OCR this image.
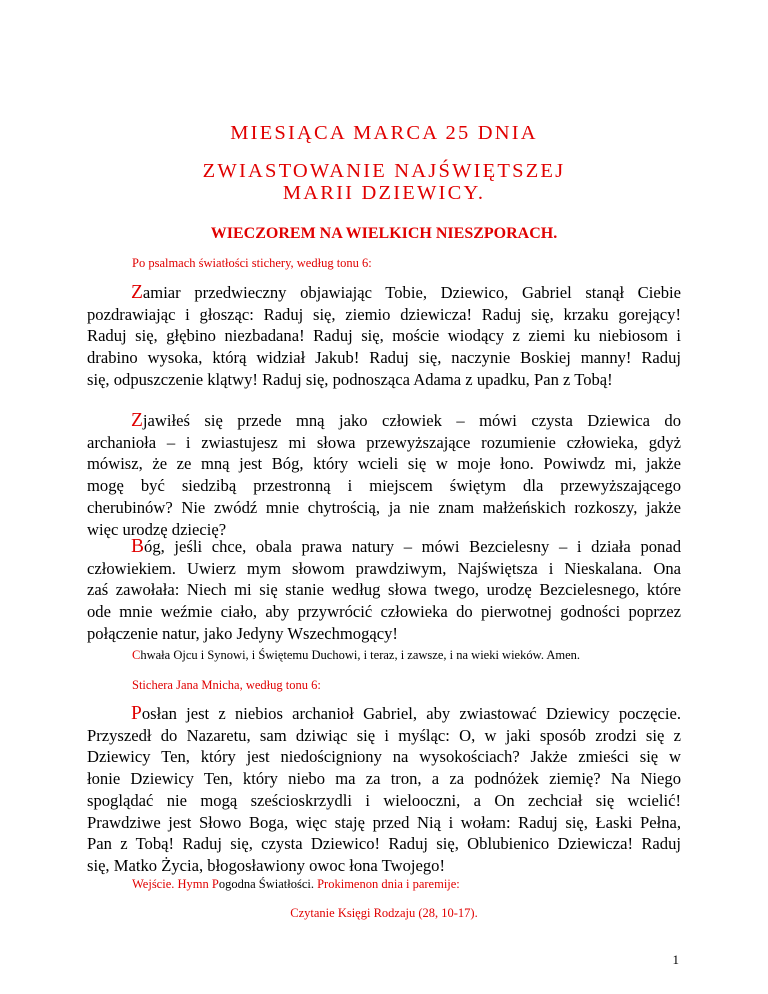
MIESIĄCA MARCA 25 DNIA
ZWIASTOWANIE NAJŚWIĘTSZEJ
MARII DZIEWICY.
WIECZOREM NA WIELKICH NIESZPORACH.
Po psalmach światłości stichery, według tonu 6:
Zamiar przedwieczny objawiając Tobie, Dziewico, Gabriel stanął Ciebie
pozdrawiając i głosząc: Raduj się, ziemio dziewicza! Raduj się, krzaku gorejący!
Raduj się, głębino niezbadana! Raduj się, moście wiodący z ziemi ku niebiosom i
drabino wysoka, którą widział Jakub! Raduj się, naczynie Boskiej manny! Raduj
się, odpuszczenie klątwy! Raduj się, podnosząca Adama z upadku, Pan z Tobą!
Zjawiłeś się przede mną jako człowiek – mówi czysta Dziewica do
archanioła – i zwiastujesz mi słowa przewyższające rozumienie człowieka, gdyż
mówisz, że ze mną jest Bóg, który wcieli się w moje łono. Powiwdz mi, jakże
mogę być siedzibą przestronną i miejscem świętym dla przewyższającego
cherubinów? Nie zwódź mnie chytrością, ja nie znam małżeńskich rozkoszy, jakże
więc urodzę dziecię?
Bóg, jeśli chce, obala prawa natury – mówi Bezcielesny – i działa ponad
człowiekiem. Uwierz mym słowom prawdziwym, Najświętsza i Nieskalana. Ona
zaś zawołała: Niech mi się stanie według słowa twego, urodzę Bezcielesnego, które
ode mnie weźmie ciało, aby przywrócić człowieka do pierwotnej godności poprzez
połączenie natur, jako Jedyny Wszechmogący!
Chwała Ojcu i Synowi, i Świętemu Duchowi, i teraz, i zawsze, i na wieki wieków. Amen.
Stichera Jana Mnicha, według tonu 6:
Posłan jest z niebios archanioł Gabriel, aby zwiastować Dziewicy poczęcie.
Przyszedł do Nazaretu, sam dziwiąc się i myśląc: O, w jaki sposób zrodzi się z
Dziewicy Ten, który jest niedościgniony na wysokościach? Jakże zmieści się w
łonie Dziewicy Ten, który niebo ma za tron, a za podnóżek ziemię? Na Niego
spoglądać nie mogą sześcioskrzydli i wielooczni, a On zechciał się wcielić!
Prawdziwe jest Słowo Boga, więc staję przed Nią i wołam: Raduj się, Łaski Pełna,
Pan z Tobą! Raduj się, czysta Dziewico! Raduj się, Oblubienico Dziewicza! Raduj
się, Matko Życia, błogosławiony owoc łona Twojego!
Wejście. Hymn Pogodna Światłości. Prokimenon dnia i paremije:
Czytanie Księgi Rodzaju (28, 10-17).
1
